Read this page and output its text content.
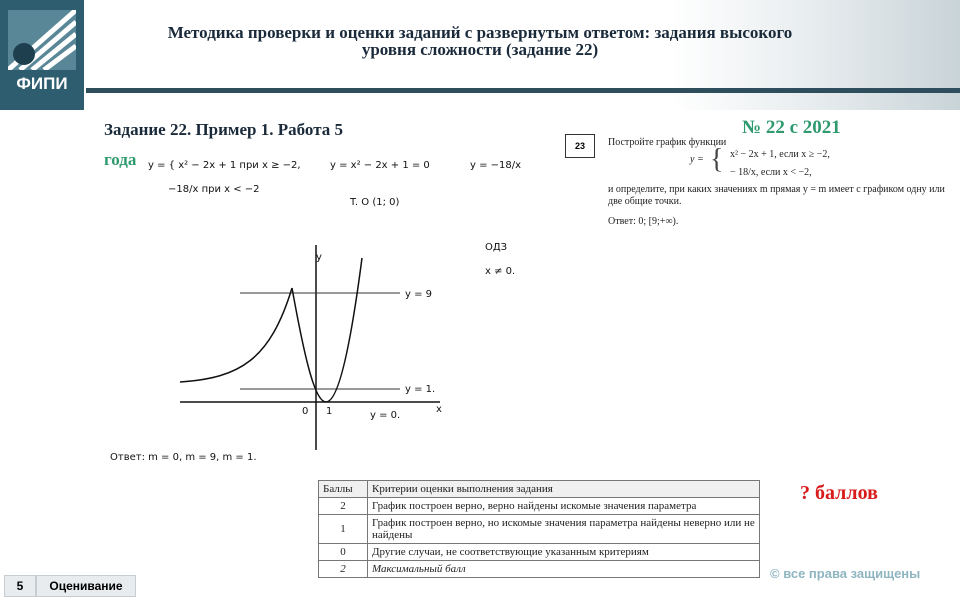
ФИПИ
Методика проверки и оценки заданий с развернутым ответом: задания высокого уровня сложности (задание 22)
Задание 22. Пример 1. Работа 5
года
№ 22 с 2021
23	Постройте график функции
y = { x² − 2x + 1, если x ≥ −2,
− 18/x, если x < −2,
и определите, при каких значениях m прямая y = m имеет с графиком одну или две общие точки.
Ответ: 0; [9;+∞).
y = { x² − 2x + 1 при x ≥ −2,
−18/x при x < −2
y = x² − 2x + 1 = 0
T. O (1; 0)
y = −18/x
ОДЗ
x ≠ 0.
Ответ: m = 0, m = 9, m = 1.
y = 9
y = 1.
y = 0.
x
y
0 1
? баллов
Баллы	Критерии оценки выполнения задания
2	График построен верно, верно найдены искомые значения параметра
1	График построен верно, но искомые значения параметра найдены неверно или не найдены
0	Другие случаи, не соответствующие указанным критериям
2	Максимальный балл
5	Оценивание
© все права защищены
